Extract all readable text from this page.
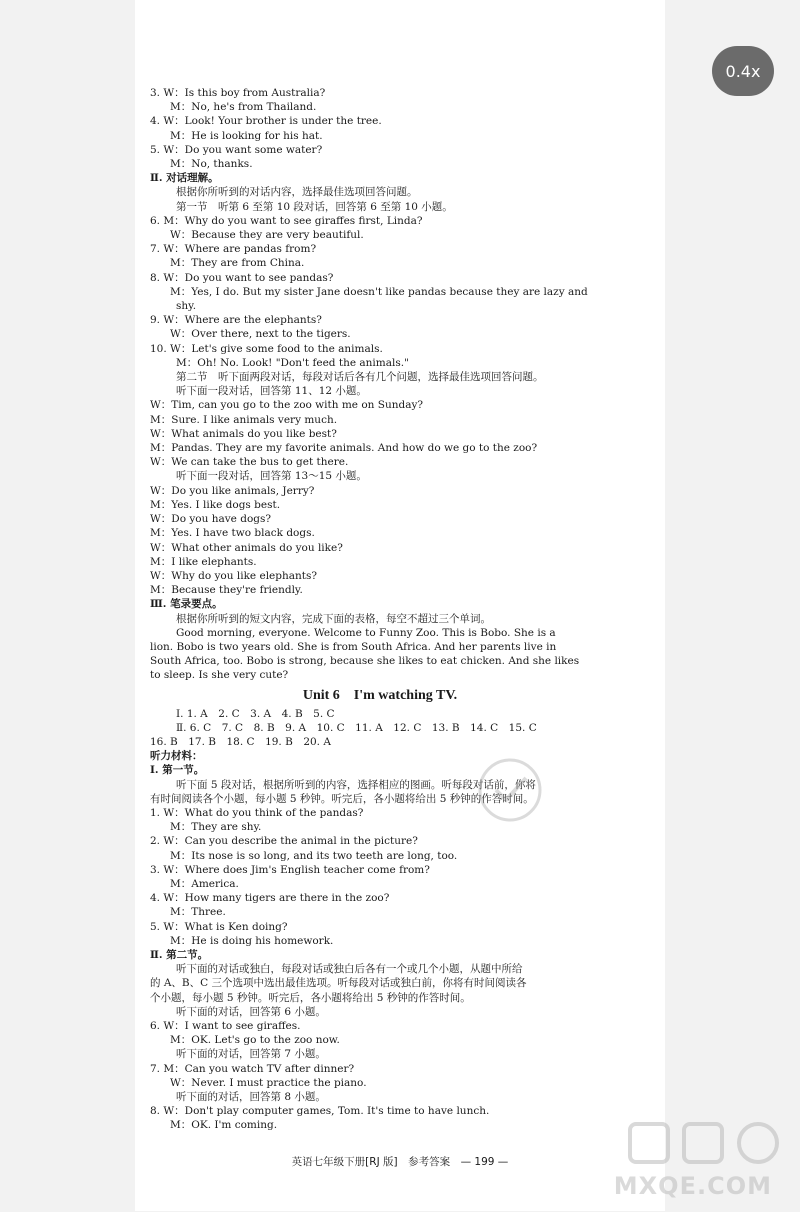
0.4x
3. W：Is this boy from Australia?
M：No, he's from Thailand.
4. W：Look! Your brother is under the tree.
M：He is looking for his hat.
5. W：Do you want some water?
M：No, thanks.
Ⅱ. 对话理解。
根据你所听到的对话内容，选择最佳选项回答问题。
第一节　听第 6 至第 10 段对话，回答第 6 至第 10 小题。
6. M：Why do you want to see giraffes first, Linda?
W：Because they are very beautiful.
7. W：Where are pandas from?
M：They are from China.
8. W：Do you want to see pandas?
M：Yes, I do. But my sister Jane doesn't like pandas because they are lazy and
shy.
9. W：Where are the elephants?
W：Over there, next to the tigers.
10. W：Let's give some food to the animals.
M：Oh! No. Look! "Don't feed the animals."
第二节　听下面两段对话，每段对话后各有几个问题，选择最佳选项回答问题。
听下面一段对话，回答第 11、12 小题。
W：Tim, can you go to the zoo with me on Sunday?
M：Sure. I like animals very much.
W：What animals do you like best?
M：Pandas. They are my favorite animals. And how do we go to the zoo?
W：We can take the bus to get there.
听下面一段对话，回答第 13～15 小题。
W：Do you like animals, Jerry?
M：Yes. I like dogs best.
W：Do you have dogs?
M：Yes. I have two black dogs.
W：What other animals do you like?
M：I like elephants.
W：Why do you like elephants?
M：Because they're friendly.
Ⅲ. 笔录要点。
根据你所听到的短文内容，完成下面的表格，每空不超过三个单词。
Good morning, everyone. Welcome to Funny Zoo. This is Bobo. She is a
lion. Bobo is two years old. She is from South Africa. And her parents live in
South Africa, too. Bobo is strong, because she likes to eat chicken. And she likes
to sleep. Is she very cute?
Unit 6　I'm watching TV.
Ⅰ. 1. A　2. C　3. A　4. B　5. C
Ⅱ. 6. C　7. C　8. B　9. A　10. C　11. A　12. C　13. B　14. C　15. C
16. B　17. B　18. C　19. B　20. A
听力材料：
Ⅰ. 第一节。
听下面 5 段对话，根据所听到的内容，选择相应的图画。听每段对话前，你将
有时间阅读各个小题，每小题 5 秒钟。听完后，各小题将给出 5 秒钟的作答时间。
1. W：What do you think of the pandas?
M：They are shy.
2. W：Can you describe the animal in the picture?
M：Its nose is so long, and its two teeth are long, too.
3. W：Where does Jim's English teacher come from?
M：America.
4. W：How many tigers are there in the zoo?
M：Three.
5. W：What is Ken doing?
M：He is doing his homework.
Ⅱ. 第二节。
听下面的对话或独白，每段对话或独白后各有一个或几个小题，从题中所给
的 A、B、C 三个选项中选出最佳选项。听每段对话或独白前，你将有时间阅读各
个小题，每小题 5 秒钟。听完后，各小题将给出 5 秒钟的作答时间。
听下面的对话，回答第 6 小题。
6. W：I want to see giraffes.
M：OK. Let's go to the zoo now.
听下面的对话，回答第 7 小题。
7. M：Can you watch TV after dinner?
W：Never. I must practice the piano.
听下面的对话，回答第 8 小题。
8. W：Don't play computer games, Tom. It's time to have lunch.
M：OK. I'm coming.
英语七年级下册[RJ 版]　参考答案　— 199 —
MXQE.COM
